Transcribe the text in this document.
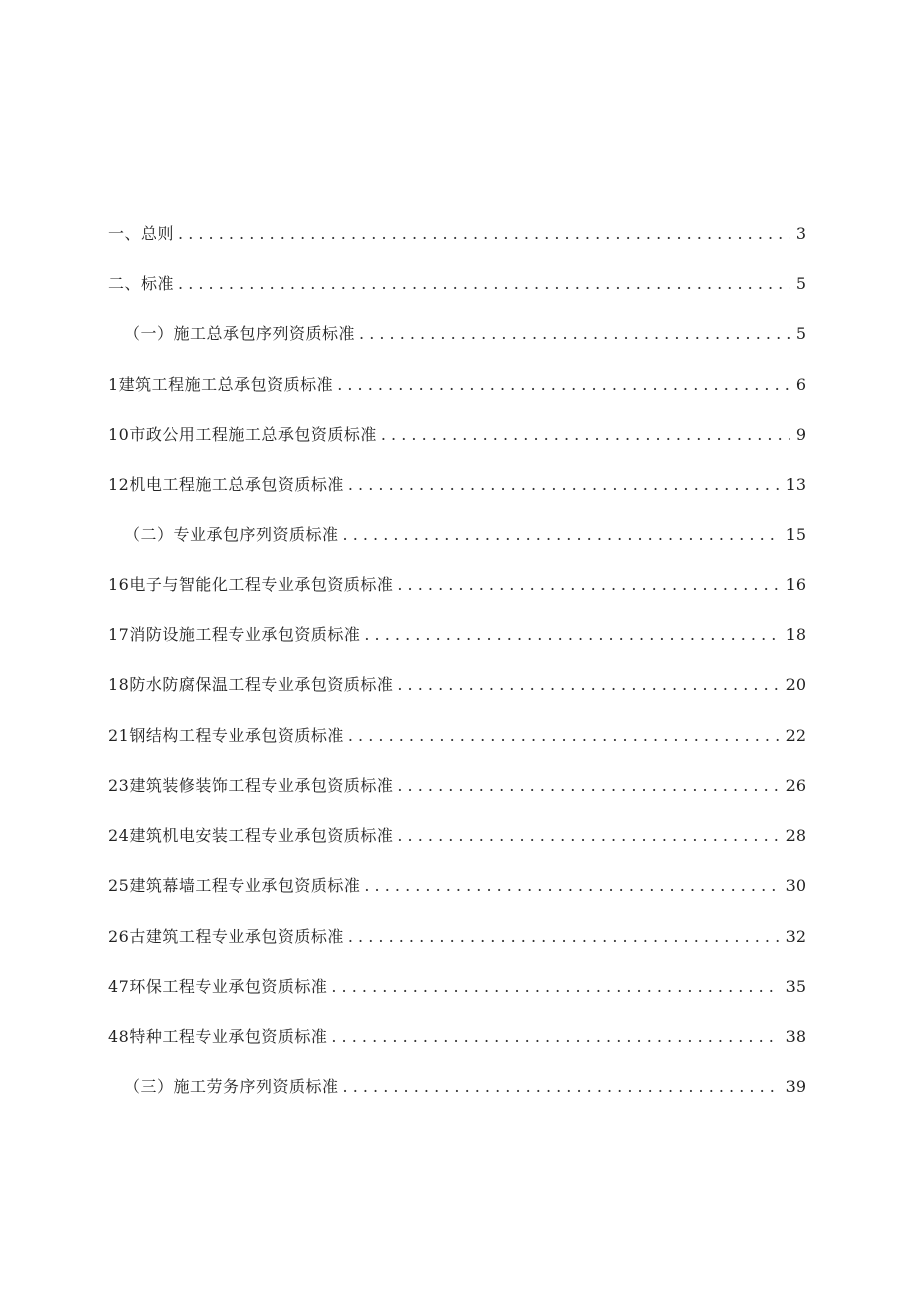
一、总则 . . .	3
二、标准 . . .	5
（一）施工总承包序列资质标准 . . .	5
1建筑工程施工总承包资质标准 . . .	6
10市政公用工程施工总承包资质标准 . . .	9
12机电工程施工总承包资质标准 . . .	13
（二）专业承包序列资质标准 . . .	15
16电子与智能化工程专业承包资质标准 . . .	16
17消防设施工程专业承包资质标准 . . .	18
18防水防腐保温工程专业承包资质标准 . . .	20
21钢结构工程专业承包资质标准 . . .	22
23建筑装修装饰工程专业承包资质标准 . . .	26
24建筑机电安装工程专业承包资质标准 . . .	28
25建筑幕墙工程专业承包资质标准 . . .	30
26古建筑工程专业承包资质标准 . . .	32
47环保工程专业承包资质标准 . . .	35
48特种工程专业承包资质标准 . . .	38
（三）施工劳务序列资质标准 . . .	39
